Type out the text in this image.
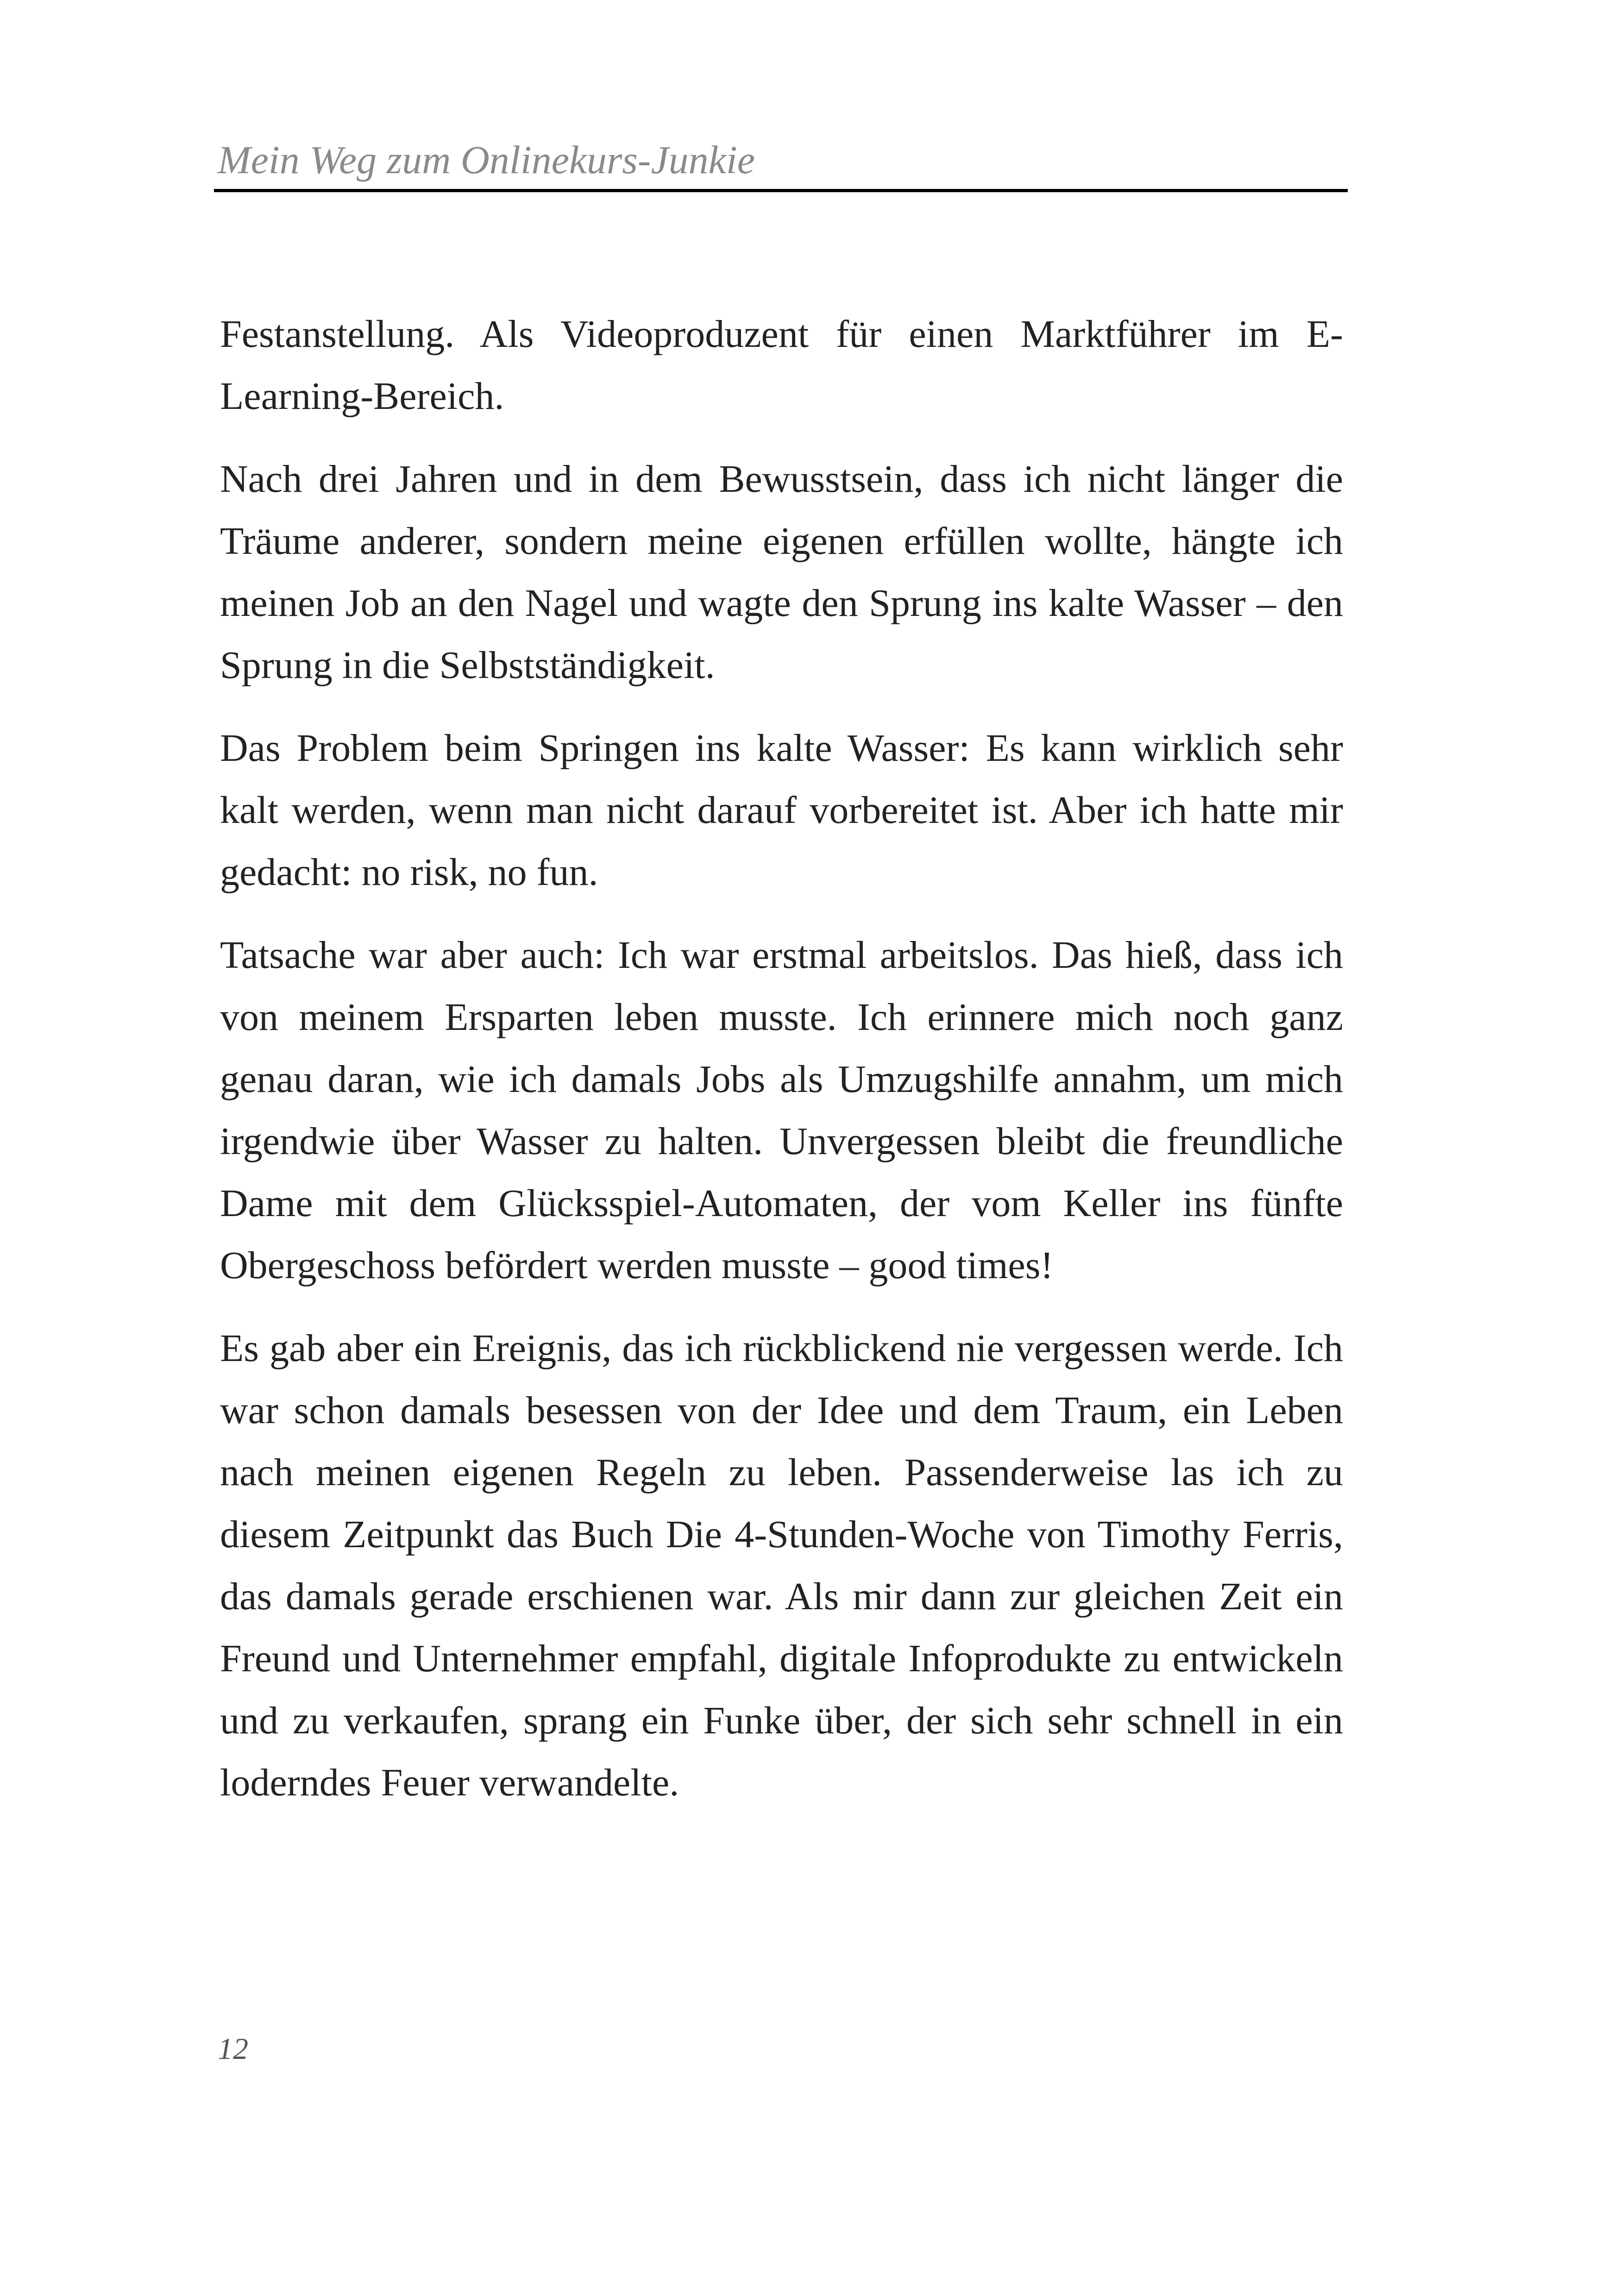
Mein Weg zum Onlinekurs-Junkie

Festanstellung. Als Videoproduzent für einen Marktführer im E-Learning-Bereich.

Nach drei Jahren und in dem Bewusstsein, dass ich nicht länger die Träume anderer, sondern meine eigenen erfüllen wollte, hängte ich meinen Job an den Nagel und wagte den Sprung ins kalte Wasser – den Sprung in die Selbstständigkeit.

Das Problem beim Springen ins kalte Wasser: Es kann wirklich sehr kalt werden, wenn man nicht darauf vorbereitet ist. Aber ich hatte mir gedacht: no risk, no fun.

Tatsache war aber auch: Ich war erstmal arbeitslos. Das hieß, dass ich von meinem Ersparten leben musste. Ich erinnere mich noch ganz genau daran, wie ich damals Jobs als Umzugshilfe annahm, um mich irgendwie über Wasser zu halten. Unvergessen bleibt die freundliche Dame mit dem Glücksspiel-Automaten, der vom Keller ins fünfte Obergeschoss befördert werden musste – good times!

Es gab aber ein Ereignis, das ich rückblickend nie vergessen werde. Ich war schon damals besessen von der Idee und dem Traum, ein Leben nach meinen eigenen Regeln zu leben. Passenderweise las ich zu diesem Zeitpunkt das Buch Die 4-Stunden-Woche von Timothy Ferris, das damals gerade erschienen war. Als mir dann zur gleichen Zeit ein Freund und Unternehmer empfahl, digitale Infoprodukte zu entwickeln und zu verkaufen, sprang ein Funke über, der sich sehr schnell in ein loderndes Feuer verwandelte.

12
